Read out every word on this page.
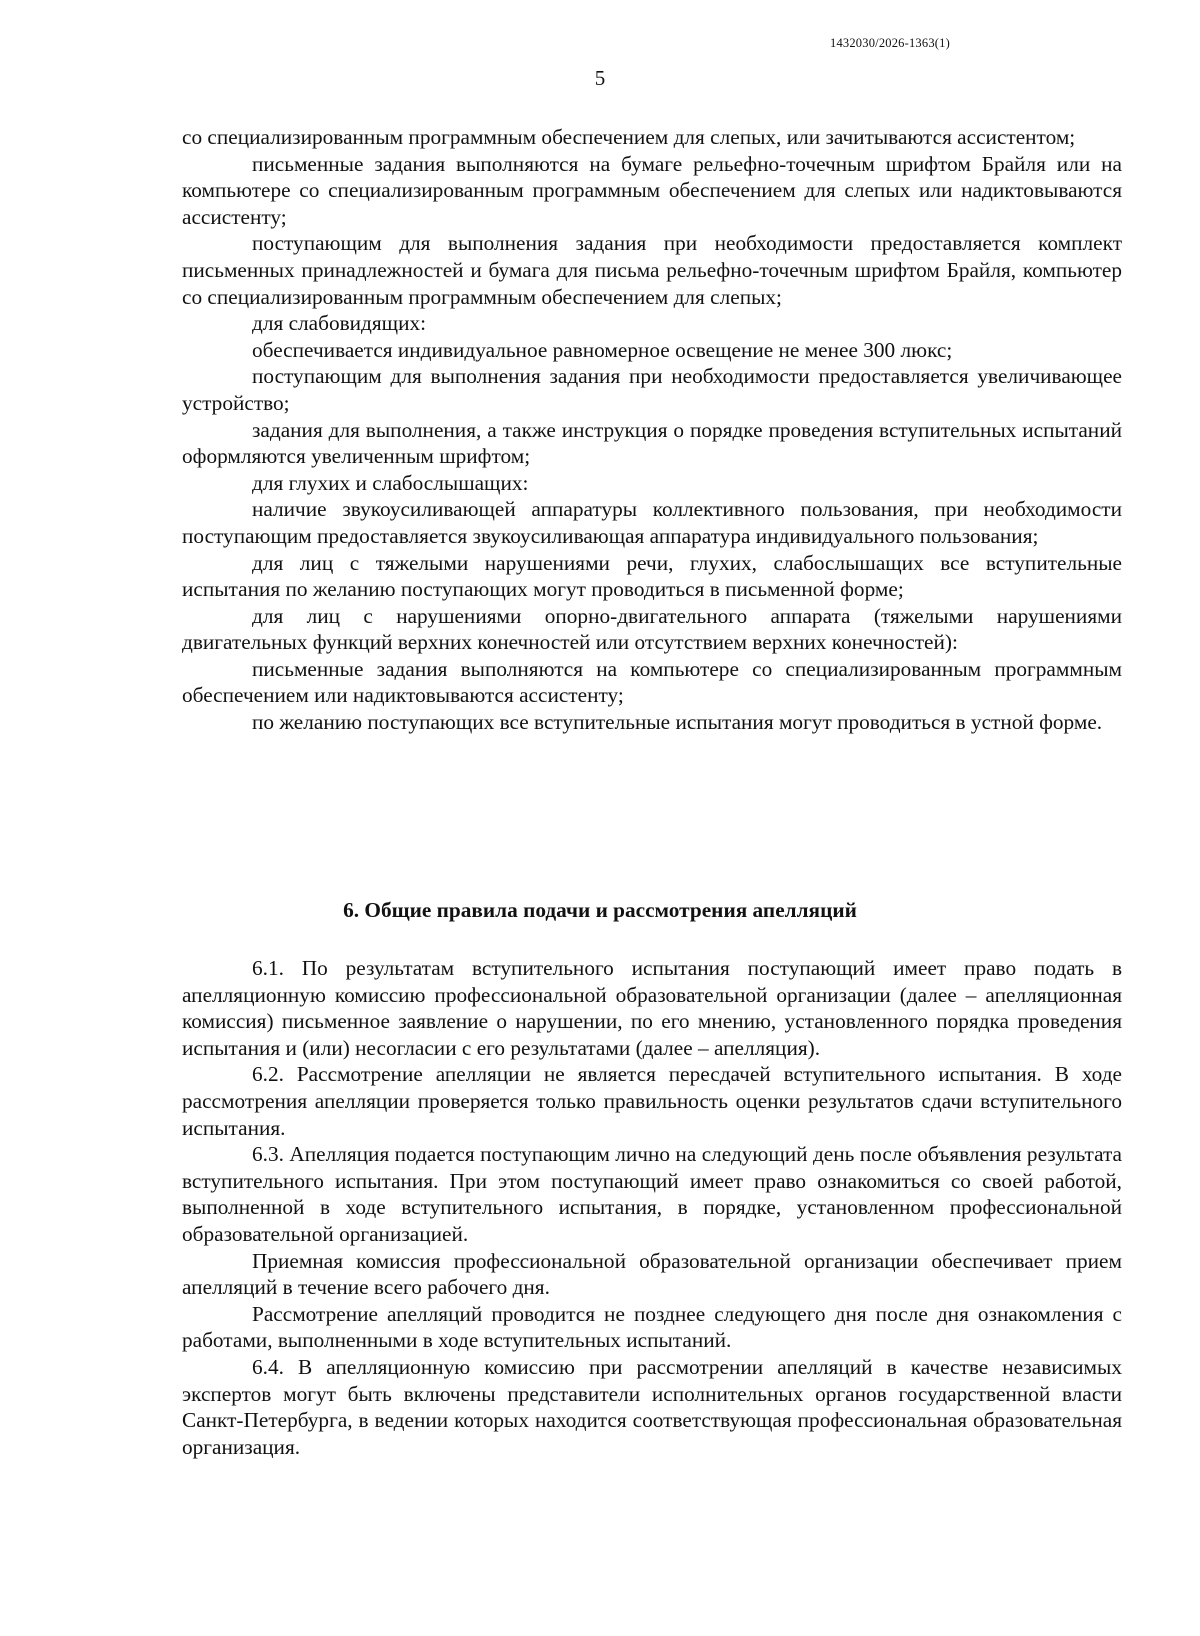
1432030/2026-1363(1)
5

со специализированным программным обеспечением для слепых, или зачитываются ассистентом;

письменные задания выполняются на бумаге рельефно-точечным шрифтом Брайля или на компьютере со специализированным программным обеспечением для слепых или надиктовываются ассистенту;

поступающим для выполнения задания при необходимости предоставляется комплект письменных принадлежностей и бумага для письма рельефно-точечным шрифтом Брайля, компьютер со специализированным программным обеспечением для слепых;

для слабовидящих:

обеспечивается индивидуальное равномерное освещение не менее 300 люкс;

поступающим для выполнения задания при необходимости предоставляется увеличивающее устройство;

задания для выполнения, а также инструкция о порядке проведения вступительных испытаний оформляются увеличенным шрифтом;

для глухих и слабослышащих:

наличие звукоусиливающей аппаратуры коллективного пользования, при необходимости поступающим предоставляется звукоусиливающая аппаратура индивидуального пользования;

для лиц с тяжелыми нарушениями речи, глухих, слабослышащих все вступительные испытания по желанию поступающих могут проводиться в письменной форме;

для лиц с нарушениями опорно-двигательного аппарата (тяжелыми нарушениями двигательных функций верхних конечностей или отсутствием верхних конечностей):

письменные задания выполняются на компьютере со специализированным программным обеспечением или надиктовываются ассистенту;

по желанию поступающих все вступительные испытания могут проводиться в устной форме.

6. Общие правила подачи и рассмотрения апелляций

6.1. По результатам вступительного испытания поступающий имеет право подать в апелляционную комиссию профессиональной образовательной организации (далее – апелляционная комиссия) письменное заявление о нарушении, по его мнению, установленного порядка проведения испытания и (или) несогласии с его результатами (далее – апелляция).

6.2. Рассмотрение апелляции не является пересдачей вступительного испытания. В ходе рассмотрения апелляции проверяется только правильность оценки результатов сдачи вступительного испытания.

6.3. Апелляция подается поступающим лично на следующий день после объявления результата вступительного испытания. При этом поступающий имеет право ознакомиться со своей работой, выполненной в ходе вступительного испытания, в порядке, установленном профессиональной образовательной организацией.

Приемная комиссия профессиональной образовательной организации обеспечивает прием апелляций в течение всего рабочего дня.

Рассмотрение апелляций проводится не позднее следующего дня после дня ознакомления с работами, выполненными в ходе вступительных испытаний.

6.4. В апелляционную комиссию при рассмотрении апелляций в качестве независимых экспертов могут быть включены представители исполнительных органов государственной власти Санкт-Петербурга, в ведении которых находится соответствующая профессиональная образовательная организация.
